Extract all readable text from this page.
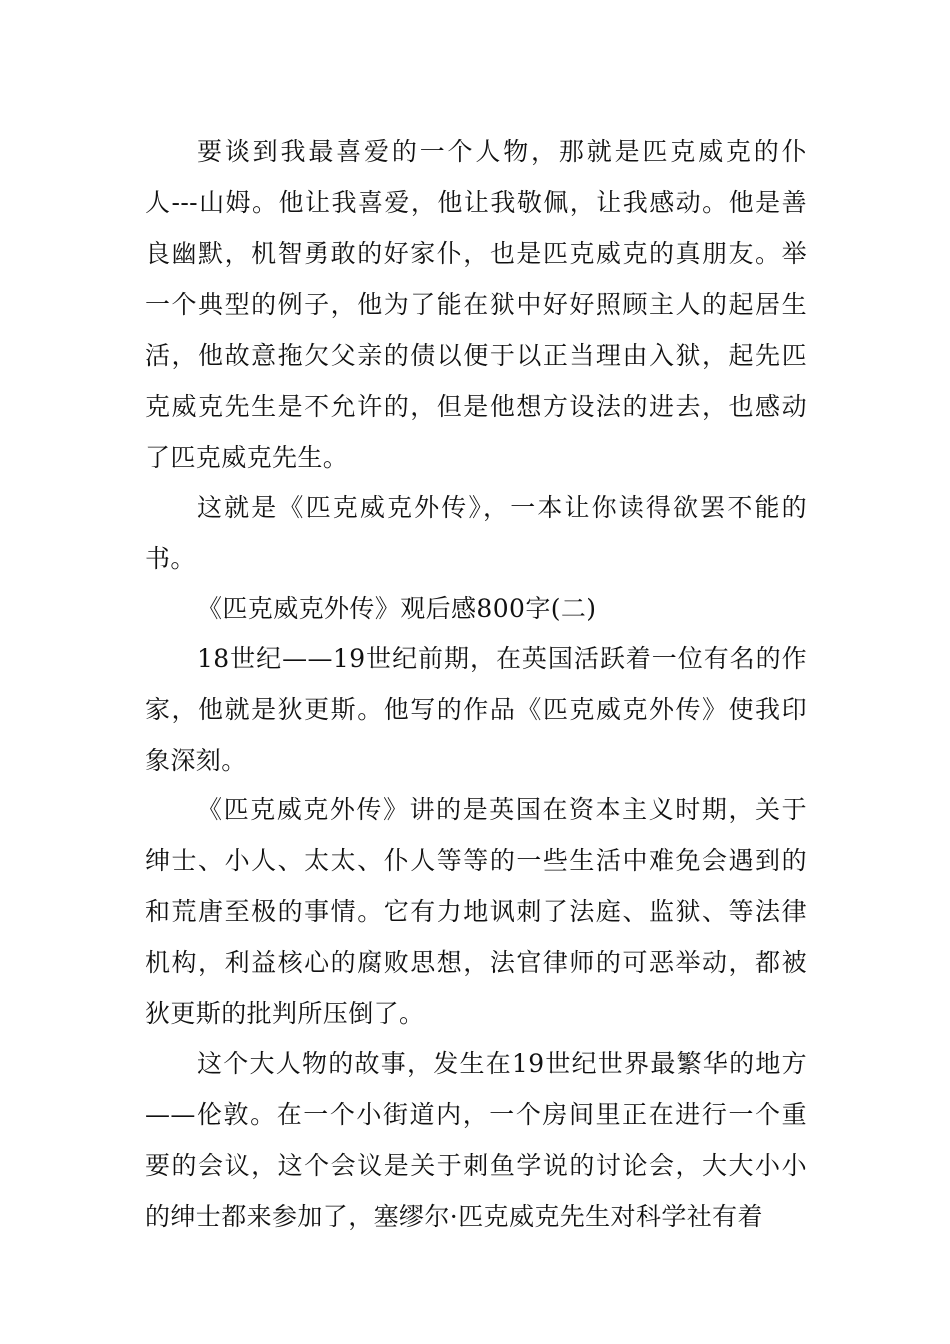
要谈到我最喜爱的一个人物，那就是匹克威克的仆
人---山姆。他让我喜爱，他让我敬佩，让我感动。他是善
良幽默，机智勇敢的好家仆，也是匹克威克的真朋友。举
一个典型的例子，他为了能在狱中好好照顾主人的起居生
活，他故意拖欠父亲的债以便于以正当理由入狱，起先匹
克威克先生是不允许的，但是他想方设法的进去，也感动
了匹克威克先生。

这就是《匹克威克外传》，一本让你读得欲罢不能的
书。

《匹克威克外传》观后感800字(二)

18世纪——19世纪前期，在英国活跃着一位有名的作
家，他就是狄更斯。他写的作品《匹克威克外传》使我印
象深刻。

《匹克威克外传》讲的是英国在资本主义时期，关于
绅士、小人、太太、仆人等等的一些生活中难免会遇到的
和荒唐至极的事情。它有力地讽刺了法庭、监狱、等法律
机构，利益核心的腐败思想，法官律师的可恶举动，都被
狄更斯的批判所压倒了。

这个大人物的故事，发生在19世纪世界最繁华的地方
——伦敦。在一个小街道内，一个房间里正在进行一个重
要的会议，这个会议是关于刺鱼学说的讨论会，大大小小
的绅士都来参加了，塞缪尔·匹克威克先生对科学社有着
